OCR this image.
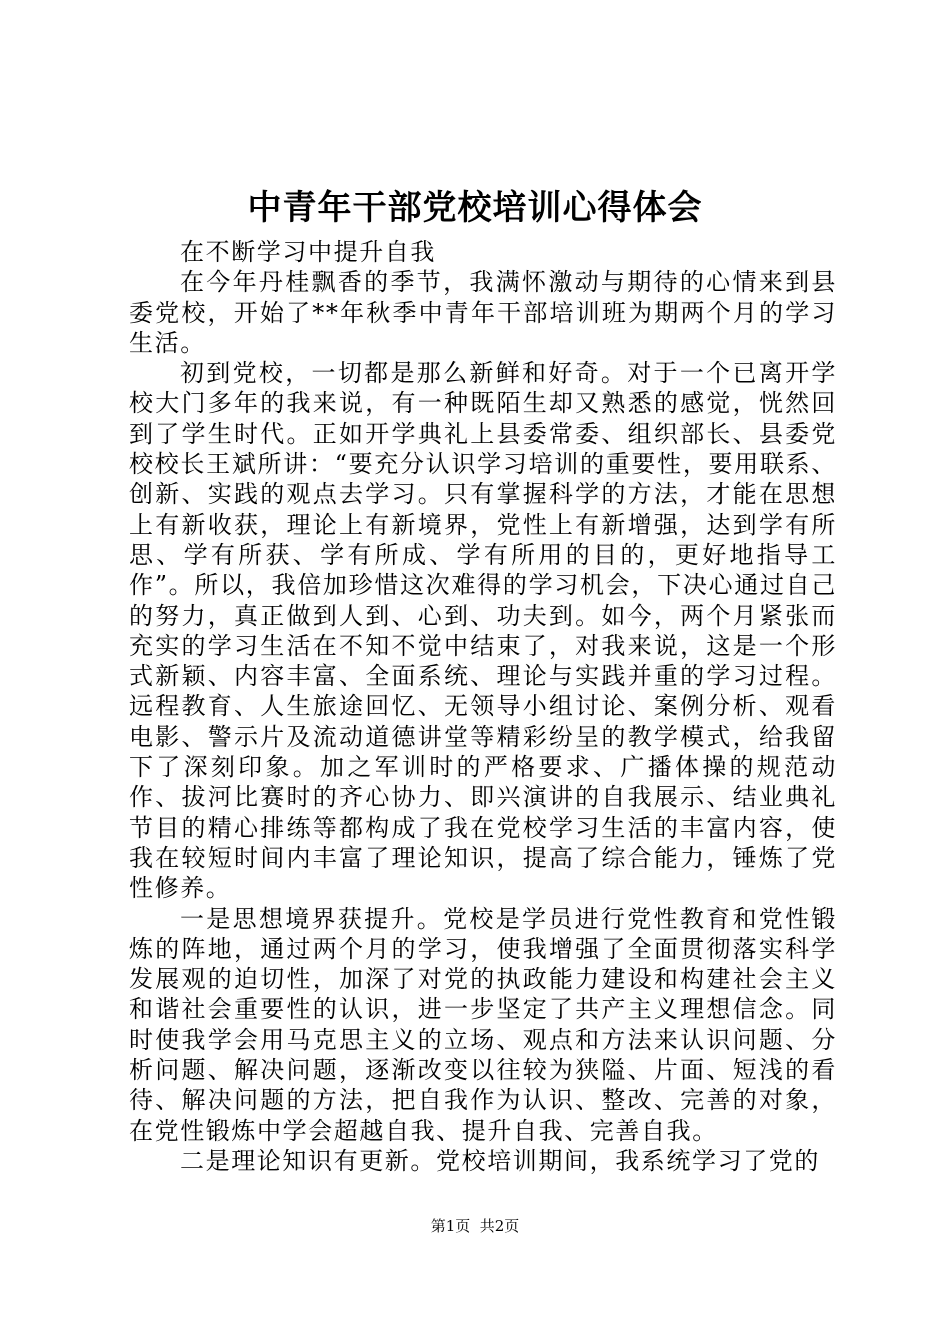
中青年干部党校培训心得体会

在不断学习中提升自我

在今年丹桂飘香的季节，我满怀激动与期待的心情来到县委党校，开始了**年秋季中青年干部培训班为期两个月的学习生活。

初到党校，一切都是那么新鲜和好奇。对于一个已离开学校大门多年的我来说，有一种既陌生却又熟悉的感觉，恍然回到了学生时代。正如开学典礼上县委常委、组织部长、县委党校校长王斌所讲：“要充分认识学习培训的重要性，要用联系、创新、实践的观点去学习。只有掌握科学的方法，才能在思想上有新收获，理论上有新境界，党性上有新增强，达到学有所思、学有所获、学有所成、学有所用的目的，更好地指导工作”。所以，我倍加珍惜这次难得的学习机会，下决心通过自己的努力，真正做到人到、心到、功夫到。如今，两个月紧张而充实的学习生活在不知不觉中结束了，对我来说，这是一个形式新颖、内容丰富、全面系统、理论与实践并重的学习过程。远程教育、人生旅途回忆、无领导小组讨论、案例分析、观看电影、警示片及流动道德讲堂等精彩纷呈的教学模式，给我留下了深刻印象。加之军训时的严格要求、广播体操的规范动作、拔河比赛时的齐心协力、即兴演讲的自我展示、结业典礼节目的精心排练等都构成了我在党校学习生活的丰富内容，使我在较短时间内丰富了理论知识，提高了综合能力，锤炼了党性修养。

一是思想境界获提升。党校是学员进行党性教育和党性锻炼的阵地，通过两个月的学习，使我增强了全面贯彻落实科学发展观的迫切性，加深了对党的执政能力建设和构建社会主义和谐社会重要性的认识，进一步坚定了共产主义理想信念。同时使我学会用马克思主义的立场、观点和方法来认识问题、分析问题、解决问题，逐渐改变以往较为狭隘、片面、短浅的看待、解决问题的方法，把自我作为认识、整改、完善的对象，在党性锻炼中学会超越自我、提升自我、完善自我。

二是理论知识有更新。党校培训期间，我系统学习了党的

第1页  共2页
